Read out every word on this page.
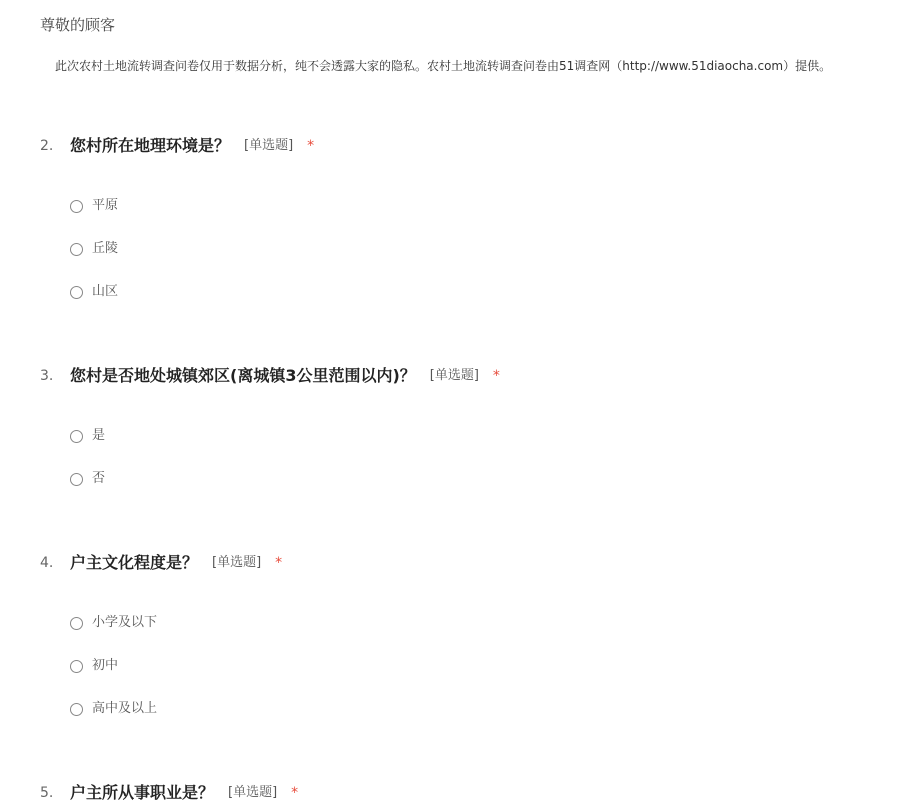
尊敬的顾客
此次农村土地流转调查问卷仅用于数据分析，纯不会透露大家的隐私。农村土地流转调查问卷由51调查网（http://www.51diaocha.com）提供。
2. 您村所在地理环境是？ [单选题] *
平原
丘陵
山区
3. 您村是否地处城镇郊区(离城镇3公里范围以内)？ [单选题] *
是
否
4. 户主文化程度是？ [单选题] *
小学及以下
初中
高中及以上
5. 户主所从事职业是？ [单选题] *
